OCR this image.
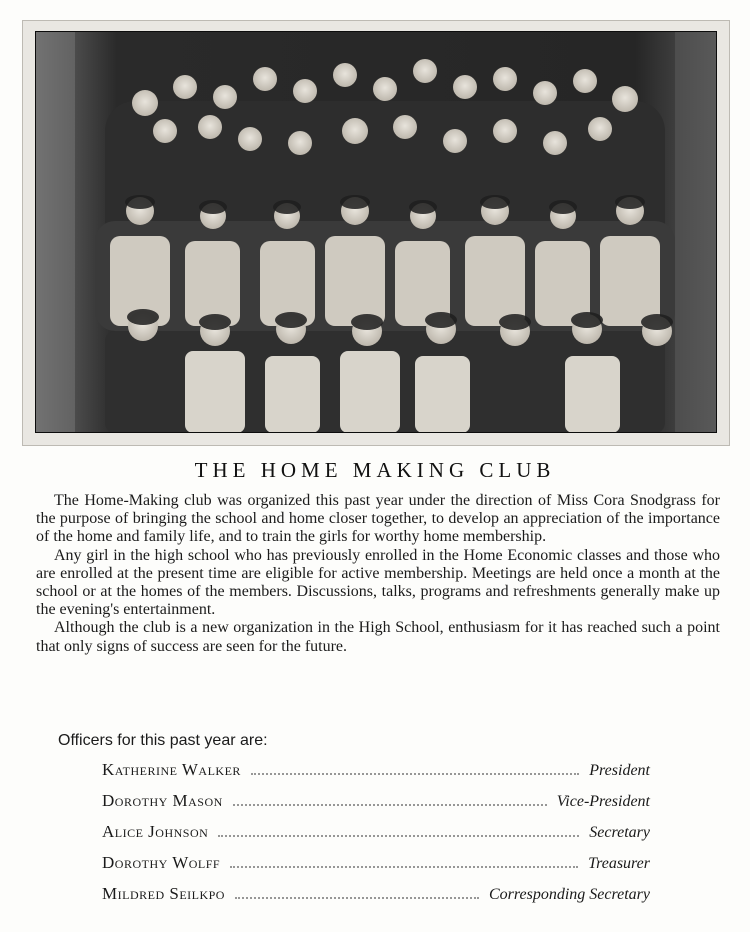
THE HOME MAKING CLUB

The Home-Making club was organized this past year under the direction of Miss Cora Snodgrass for the purpose of bringing the school and home closer together, to develop an appreciation of the importance of the home and family life, and to train the girls for worthy home membership.

Any girl in the high school who has previously enrolled in the Home Economic classes and those who are enrolled at the present time are eligible for active membership. Meetings are held once a month at the school or at the homes of the members. Discussions, talks, programs and refreshments generally make up the evening's entertainment.

Although the club is a new organization in the High School, enthusiasm for it has reached such a point that only signs of success are seen for the future.

Officers for this past year are:
Katherine Walker	President
Dorothy Mason	Vice-President
Alice Johnson	Secretary
Dorothy Wolff	Treasurer
Mildred Seilkpo	Corresponding Secretary
